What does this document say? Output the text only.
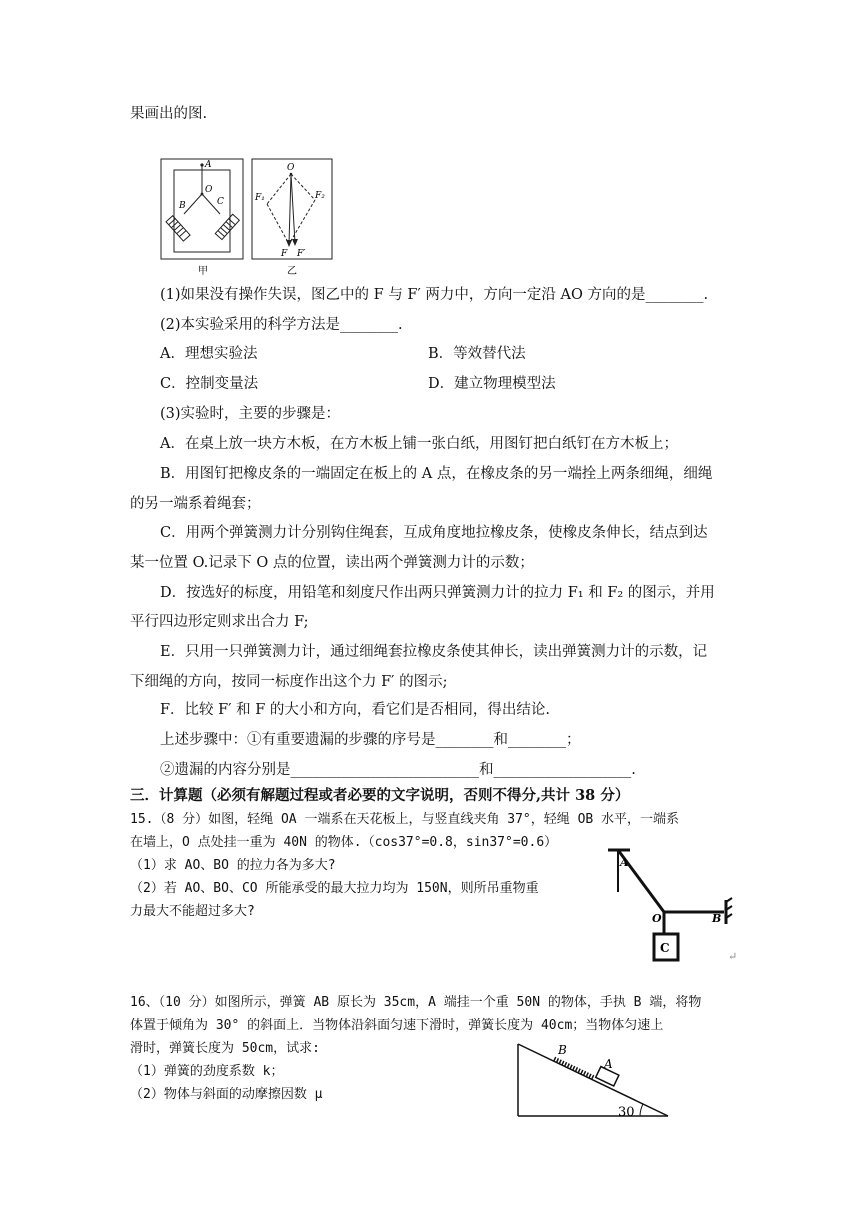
果画出的图.
A
O
B	C
甲
O
F₁	F₂
F F′
乙
(1)如果没有操作失误，图乙中的 F 与 F′ 两力中，方向一定沿 AO 方向的是________.
(2)本实验采用的科学方法是________.
A．理想实验法	B．等效替代法
C．控制变量法	D．建立物理模型法
(3)实验时，主要的步骤是：
A．在桌上放一块方木板，在方木板上铺一张白纸，用图钉把白纸钉在方木板上；
B．用图钉把橡皮条的一端固定在板上的 A 点，在橡皮条的另一端拴上两条细绳，细绳
的另一端系着绳套；
C．用两个弹簧测力计分别钩住绳套，互成角度地拉橡皮条，使橡皮条伸长，结点到达
某一位置 O.记录下 O 点的位置，读出两个弹簧测力计的示数；
D．按选好的标度，用铅笔和刻度尺作出两只弹簧测力计的拉力 F₁ 和 F₂ 的图示，并用
平行四边形定则求出合力 F;
E．只用一只弹簧测力计，通过细绳套拉橡皮条使其伸长，读出弹簧测力计的示数，记
下细绳的方向，按同一标度作出这个力 F′ 的图示;
F．比较 F′ 和 F 的大小和方向，看它们是否相同，得出结论.
上述步骤中：①有重要遗漏的步骤的序号是________和________；
②遗漏的内容分别是__________________________和___________________.
三．计算题（必须有解题过程或者必要的文字说明，否则不得分,共计 38 分）
15.（8 分）如图，轻绳 OA 一端系在天花板上，与竖直线夹角 37°，轻绳 OB 水平，一端系
在墙上，O 点处挂一重为 40N 的物体.（cos37°=0.8，sin37°=0.6）
（1）求 AO、BO 的拉力各为多大?
（2）若 AO、BO、CO 所能承受的最大拉力均为 150N，则所吊重物重
力最大不能超过多大?
A
O	B
C
↵
16、（10 分）如图所示，弹簧 AB 原长为 35cm，A 端挂一个重 50N 的物体，手执 B 端，将物
体置于倾角为 30° 的斜面上．当物体沿斜面匀速下滑时，弹簧长度为 40cm；当物体匀速上
滑时，弹簧长度为 50cm，试求:
（1）弹簧的劲度系数 k；
（2）物体与斜面的动摩擦因数 μ
B
A
30
